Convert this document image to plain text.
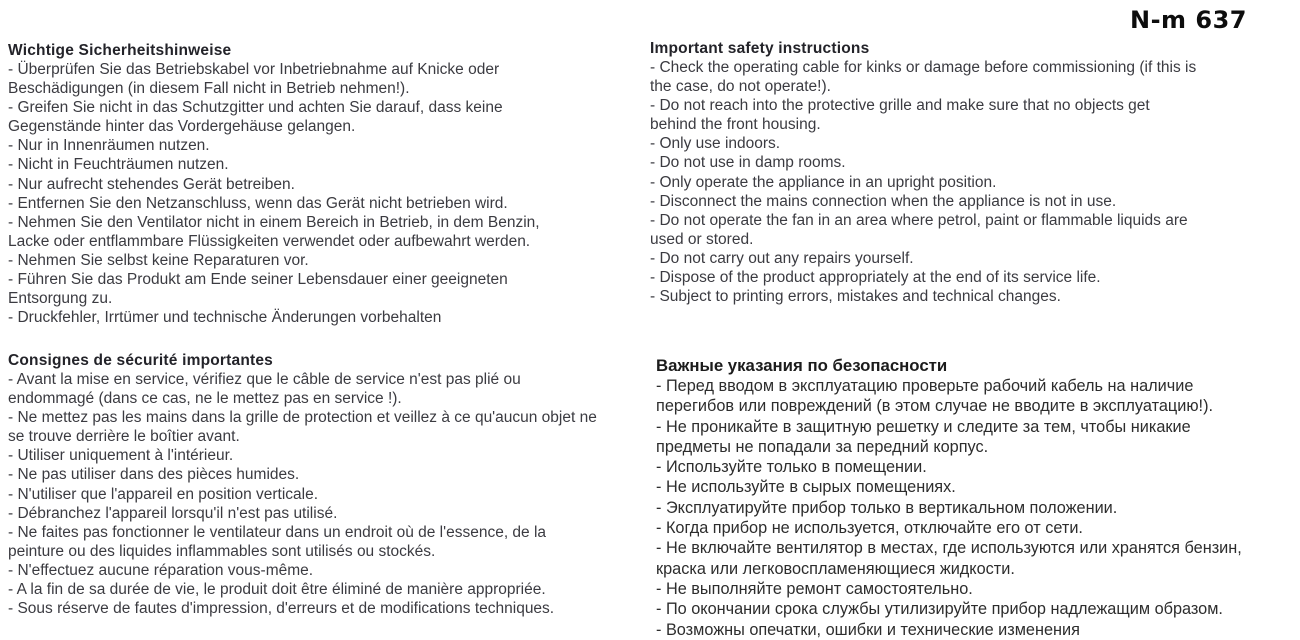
N-m 637
Wichtige Sicherheitshinweise
- Überprüfen Sie das Betriebskabel vor Inbetriebnahme auf Knicke oder
Beschädigungen (in diesem Fall nicht in Betrieb nehmen!).
- Greifen Sie nicht in das Schutzgitter und achten Sie darauf, dass keine
Gegenstände hinter das Vordergehäuse gelangen.
- Nur in Innenräumen nutzen.
- Nicht in Feuchträumen nutzen.
- Nur aufrecht stehendes Gerät betreiben.
- Entfernen Sie den Netzanschluss, wenn das Gerät nicht betrieben wird.
- Nehmen Sie den Ventilator nicht in einem Bereich in Betrieb, in dem Benzin,
Lacke oder entflammbare Flüssigkeiten verwendet oder aufbewahrt werden.
- Nehmen Sie selbst keine Reparaturen vor.
- Führen Sie das Produkt am Ende seiner Lebensdauer einer geeigneten
Entsorgung zu.
- Druckfehler, Irrtümer und technische Änderungen vorbehalten
Important safety instructions
- Check the operating cable for kinks or damage before commissioning (if this is
the case, do not operate!).
- Do not reach into the protective grille and make sure that no objects get
behind the front housing.
- Only use indoors.
- Do not use in damp rooms.
- Only operate the appliance in an upright position.
- Disconnect the mains connection when the appliance is not in use.
- Do not operate the fan in an area where petrol, paint or flammable liquids are
used or stored.
- Do not carry out any repairs yourself.
- Dispose of the product appropriately at the end of its service life.
- Subject to printing errors, mistakes and technical changes.
Consignes de sécurité importantes
- Avant la mise en service, vérifiez que le câble de service n'est pas plié ou
endommagé (dans ce cas, ne le mettez pas en service !).
- Ne mettez pas les mains dans la grille de protection et veillez à ce qu'aucun objet ne
se trouve derrière le boîtier avant.
- Utiliser uniquement à l'intérieur.
- Ne pas utiliser dans des pièces humides.
- N'utiliser que l'appareil en position verticale.
- Débranchez l'appareil lorsqu'il n'est pas utilisé.
- Ne faites pas fonctionner le ventilateur dans un endroit où de l'essence, de la
peinture ou des liquides inflammables sont utilisés ou stockés.
- N'effectuez aucune réparation vous-même.
- A la fin de sa durée de vie, le produit doit être éliminé de manière appropriée.
- Sous réserve de fautes d'impression, d'erreurs et de modifications techniques.
Важные указания по безопасности
- Перед вводом в эксплуатацию проверьте рабочий кабель на наличие
перегибов или повреждений (в этом случае не вводите в эксплуатацию!).
- Не проникайте в защитную решетку и следите за тем, чтобы никакие
предметы не попадали за передний корпус.
- Используйте только в помещении.
- Не используйте в сырых помещениях.
- Эксплуатируйте прибор только в вертикальном положении.
- Когда прибор не используется, отключайте его от сети.
- Не включайте вентилятор в местах, где используются или хранятся бензин,
краска или легковоспламеняющиеся жидкости.
- Не выполняйте ремонт самостоятельно.
- По окончании срока службы утилизируйте прибор надлежащим образом.
- Возможны опечатки, ошибки и технические изменения
